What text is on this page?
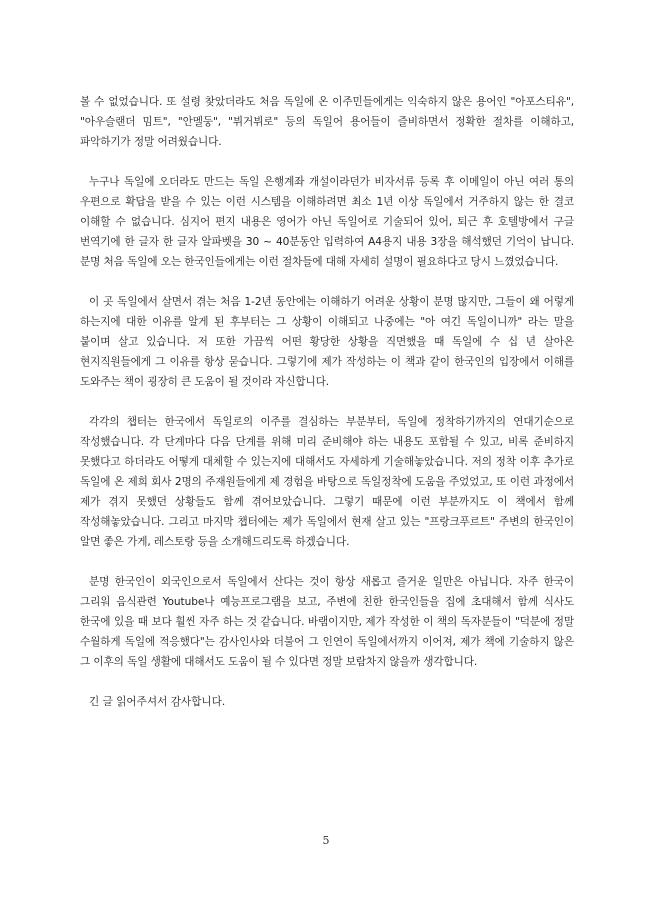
볼 수 없었습니다. 또 설령 찾았더라도 처음 독일에 온 이주민들에게는 익숙하지 않은 용어인 "아포스티유", "아우슬랜더 밈트", "안멜둥", "뷔거뷔로" 등의 독일어 용어들이 즐비하면서 정확한 절차를 이해하고, 파악하기가 정말 어려웠습니다.

누구나 독일에 오더라도 만드는 독일 은행계좌 개설이라던가 비자서류 등록 후 이메일이 아닌 여러 통의 우편으로 확답을 받을 수 있는 이런 시스템을 이해하려면 최소 1년 이상 독일에서 거주하지 않는 한 결코 이해할 수 없습니다. 심지어 편지 내용은 영어가 아닌 독일어로 기술되어 있어, 퇴근 후 호텔방에서 구글 번역기에 한 글자 한 글자 알파벳을 30 ~ 40분동안 입력하여 A4용지 내용 3장을 해석했던 기억이 납니다. 분명 처음 독일에 오는 한국인들에게는 이런 절차들에 대해 자세히 설명이 필요하다고 당시 느꼈었습니다.

이 곳 독일에서 살면서 겪는 처음 1-2년 동안에는 이해하기 어려운 상황이 분명 많지만, 그들이 왜 어렇게 하는지에 대한 이유를 알게 된 후부터는 그 상황이 이해되고 나중에는 "아 여긴 독일이니까" 라는 말을 붙이며 살고 있습니다. 저 또한 가끔씩 어떤 황당한 상황을 직면했을 때 독일에 수 십 년 살아온 현지직원들에게 그 이유를 항상 묻습니다. 그렇기에 제가 작성하는 이 책과 같이 한국인의 입장에서 이해를 도와주는 책이 굉장히 큰 도움이 될 것이라 자신합니다.

각각의 챕터는 한국에서 독일로의 이주를 결심하는 부분부터, 독일에 정착하기까지의 연대기순으로 작성했습니다. 각 단계마다 다음 단계를 위해 미리 준비해야 하는 내용도 포함될 수 있고, 비록 준비하지 못했다고 하더라도 어떻게 대체할 수 있는지에 대해서도 자세하게 기술해놓았습니다. 저의 정착 이후 추가로 독일에 온 제희 회사 2명의 주재원들에게 제 경험을 바탕으로 독일정착에 도움을 주었었고, 또 이런 과정에서 제가 겪지 못했던 상황들도 함께 겪어보았습니다. 그렇기 때문에 이런 부분까지도 이 책에서 함께 작성해놓았습니다. 그리고 마지막 챕터에는 제가 독일에서 현재 살고 있는 "프랑크푸르트" 주변의 한국인이 알면 좋은 가게, 레스토랑 등을 소개해드리도록 하겠습니다.

분명 한국인이 외국인으로서 독일에서 산다는 것이 항상 새롭고 즐거운 일만은 아닙니다. 자주 한국이 그리워 음식관련 Youtube나 예능프로그램을 보고, 주변에 친한 한국인들을 집에 초대해서 함께 식사도 한국에 있을 때 보다 훨씬 자주 하는 것 같습니다. 바램이지만, 제가 작성한 이 책의 독자분들이 "덕분에 정말 수월하게 독일에 적응했다"는 감사인사와 더불어 그 인연이 독일에서까지 이어져, 제가 책에 기술하지 않은 그 이후의 독일 생활에 대해서도 도움이 될 수 있다면 정말 보람차지 않을까 생각합니다.

긴 글 읽어주셔서 감사합니다.

5
